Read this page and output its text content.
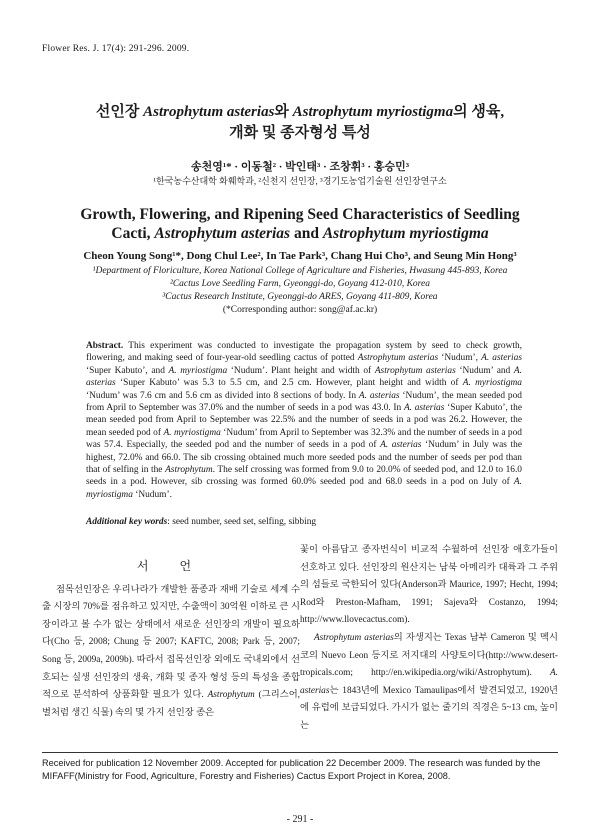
Flower Res. J. 17(4): 291-296. 2009.
선인장 Astrophytum asterias와 Astrophytum myriostigma의 생육,
개화 및 종자형성 특성
송천영¹* · 이동철² · 박인태³ · 조창휘³ · 홍승민³
¹한국농수산대학 화훼학과, ²신천지 선인장, ³경기도농업기술원 선인장연구소
Growth, Flowering, and Ripening Seed Characteristics of Seedling
Cacti, Astrophytum asterias and Astrophytum myriostigma
Cheon Young Song¹*, Dong Chul Lee², In Tae Park³, Chang Hui Cho³, and Seung Min Hong³
¹Department of Floriculture, Korea National College of Agriculture and Fisheries, Hwasung 445-893, Korea
²Cactus Love Seedling Farm, Gyeonggi-do, Goyang 412-010, Korea
³Cactus Research Institute, Gyeonggi-do ARES, Goyang 411-809, Korea
(*Corresponding author: song@af.ac.kr)
Abstract. This experiment was conducted to investigate the propagation system by seed to check growth, flowering, and making seed of four-year-old seedling cactus of potted Astrophytum asterias ‘Nudum’, A. asterias ‘Super Kabuto’, and A. myriostigma ‘Nudum’. Plant height and width of Astrophytum asterias ‘Nudum’ and A. asterias ‘Super Kabuto’ was 5.3 to 5.5 cm, and 2.5 cm. However, plant height and width of A. myriostigma ‘Nudum’ was 7.6 cm and 5.6 cm as divided into 8 sections of body. In A. asterias ‘Nudum’, the mean seeded pod from April to September was 37.0% and the number of seeds in a pod was 43.0. In A. asterias ‘Super Kabuto’, the mean seeded pod from April to September was 22.5% and the number of seeds in a pod was 26.2. However, the mean seeded pod of A. myriostigma ‘Nudum’ from April to September was 32.3% and the number of seeds in a pod was 57.4. Especially, the seeded pod and the number of seeds in a pod of A. asterias ‘Nudum’ in July was the highest, 72.0% and 66.0. The sib crossing obtained much more seeded pods and the number of seeds per pod than that of selfing in the Astrophytum. The self crossing was formed from 9.0 to 20.0% of seeded pod, and 12.0 to 16.0 seeds in a pod. However, sib crossing was formed 60.0% seeded pod and 68.0 seeds in a pod on July of A. myriostigma ‘Nudum’.
Additional key words: seed number, seed set, selfing, sibbing
서 언

점목선인장은 우리나라가 개발한 품종과 재배 기술로 세계 수출 시장의 70%를 점유하고 있지만, 수출액이 30억원 이하로 큰 시장이라고 볼 수가 없는 상태에서 새로운 선인장의 개발이 필요하다(Cho 등, 2008; Chung 등 2007; KAFTC, 2008; Park 등, 2007; Song 등, 2009a, 2009b). 따라서 접목선인장 외에도 국내외에서 선호되는 실생 선인장의 생육, 개화 및 종자 형성 등의 특성을 종합적으로 분석하여 상품화할 필요가 있다. Astrophytum (그리스어, 별처럼 생긴 식물) 속의 몇 가지 선인장 종은

꽃이 아름답고 종자번식이 비교적 수월하여 선인장 애호가들이 선호하고 있다. 선인장의 원산지는 남북 아메리카 대륙과 그 주위의 섬들로 국한되어 있다(Anderson과 Maurice, 1997; Hecht, 1994; Rod와 Preston-Mafham, 1991; Sajeva와 Costanzo, 1994; http://www.llovecactus.com).

Astrophytum asterias의 자생지는 Texas 남부 Cameron 및 멕시코의 Nuevo Leon 등지로 저지대의 사양토이다(http://www.desert-tropicals.com; http://en.wikipedia.org/wiki/Astrophytum). A. asterias는 1843년에 Mexico Tamaulipas에서 발견되었고, 1920년에 유럽에 보급되었다. 가시가 없는 줄기의 직경은 5~13 cm, 높이는

Received for publication 12 November 2009. Accepted for publication 22 December 2009. The research was funded by the MIFAFF(Ministry for Food, Agriculture, Forestry and Fisheries) Cactus Export Project in Korea, 2008.
- 291 -
